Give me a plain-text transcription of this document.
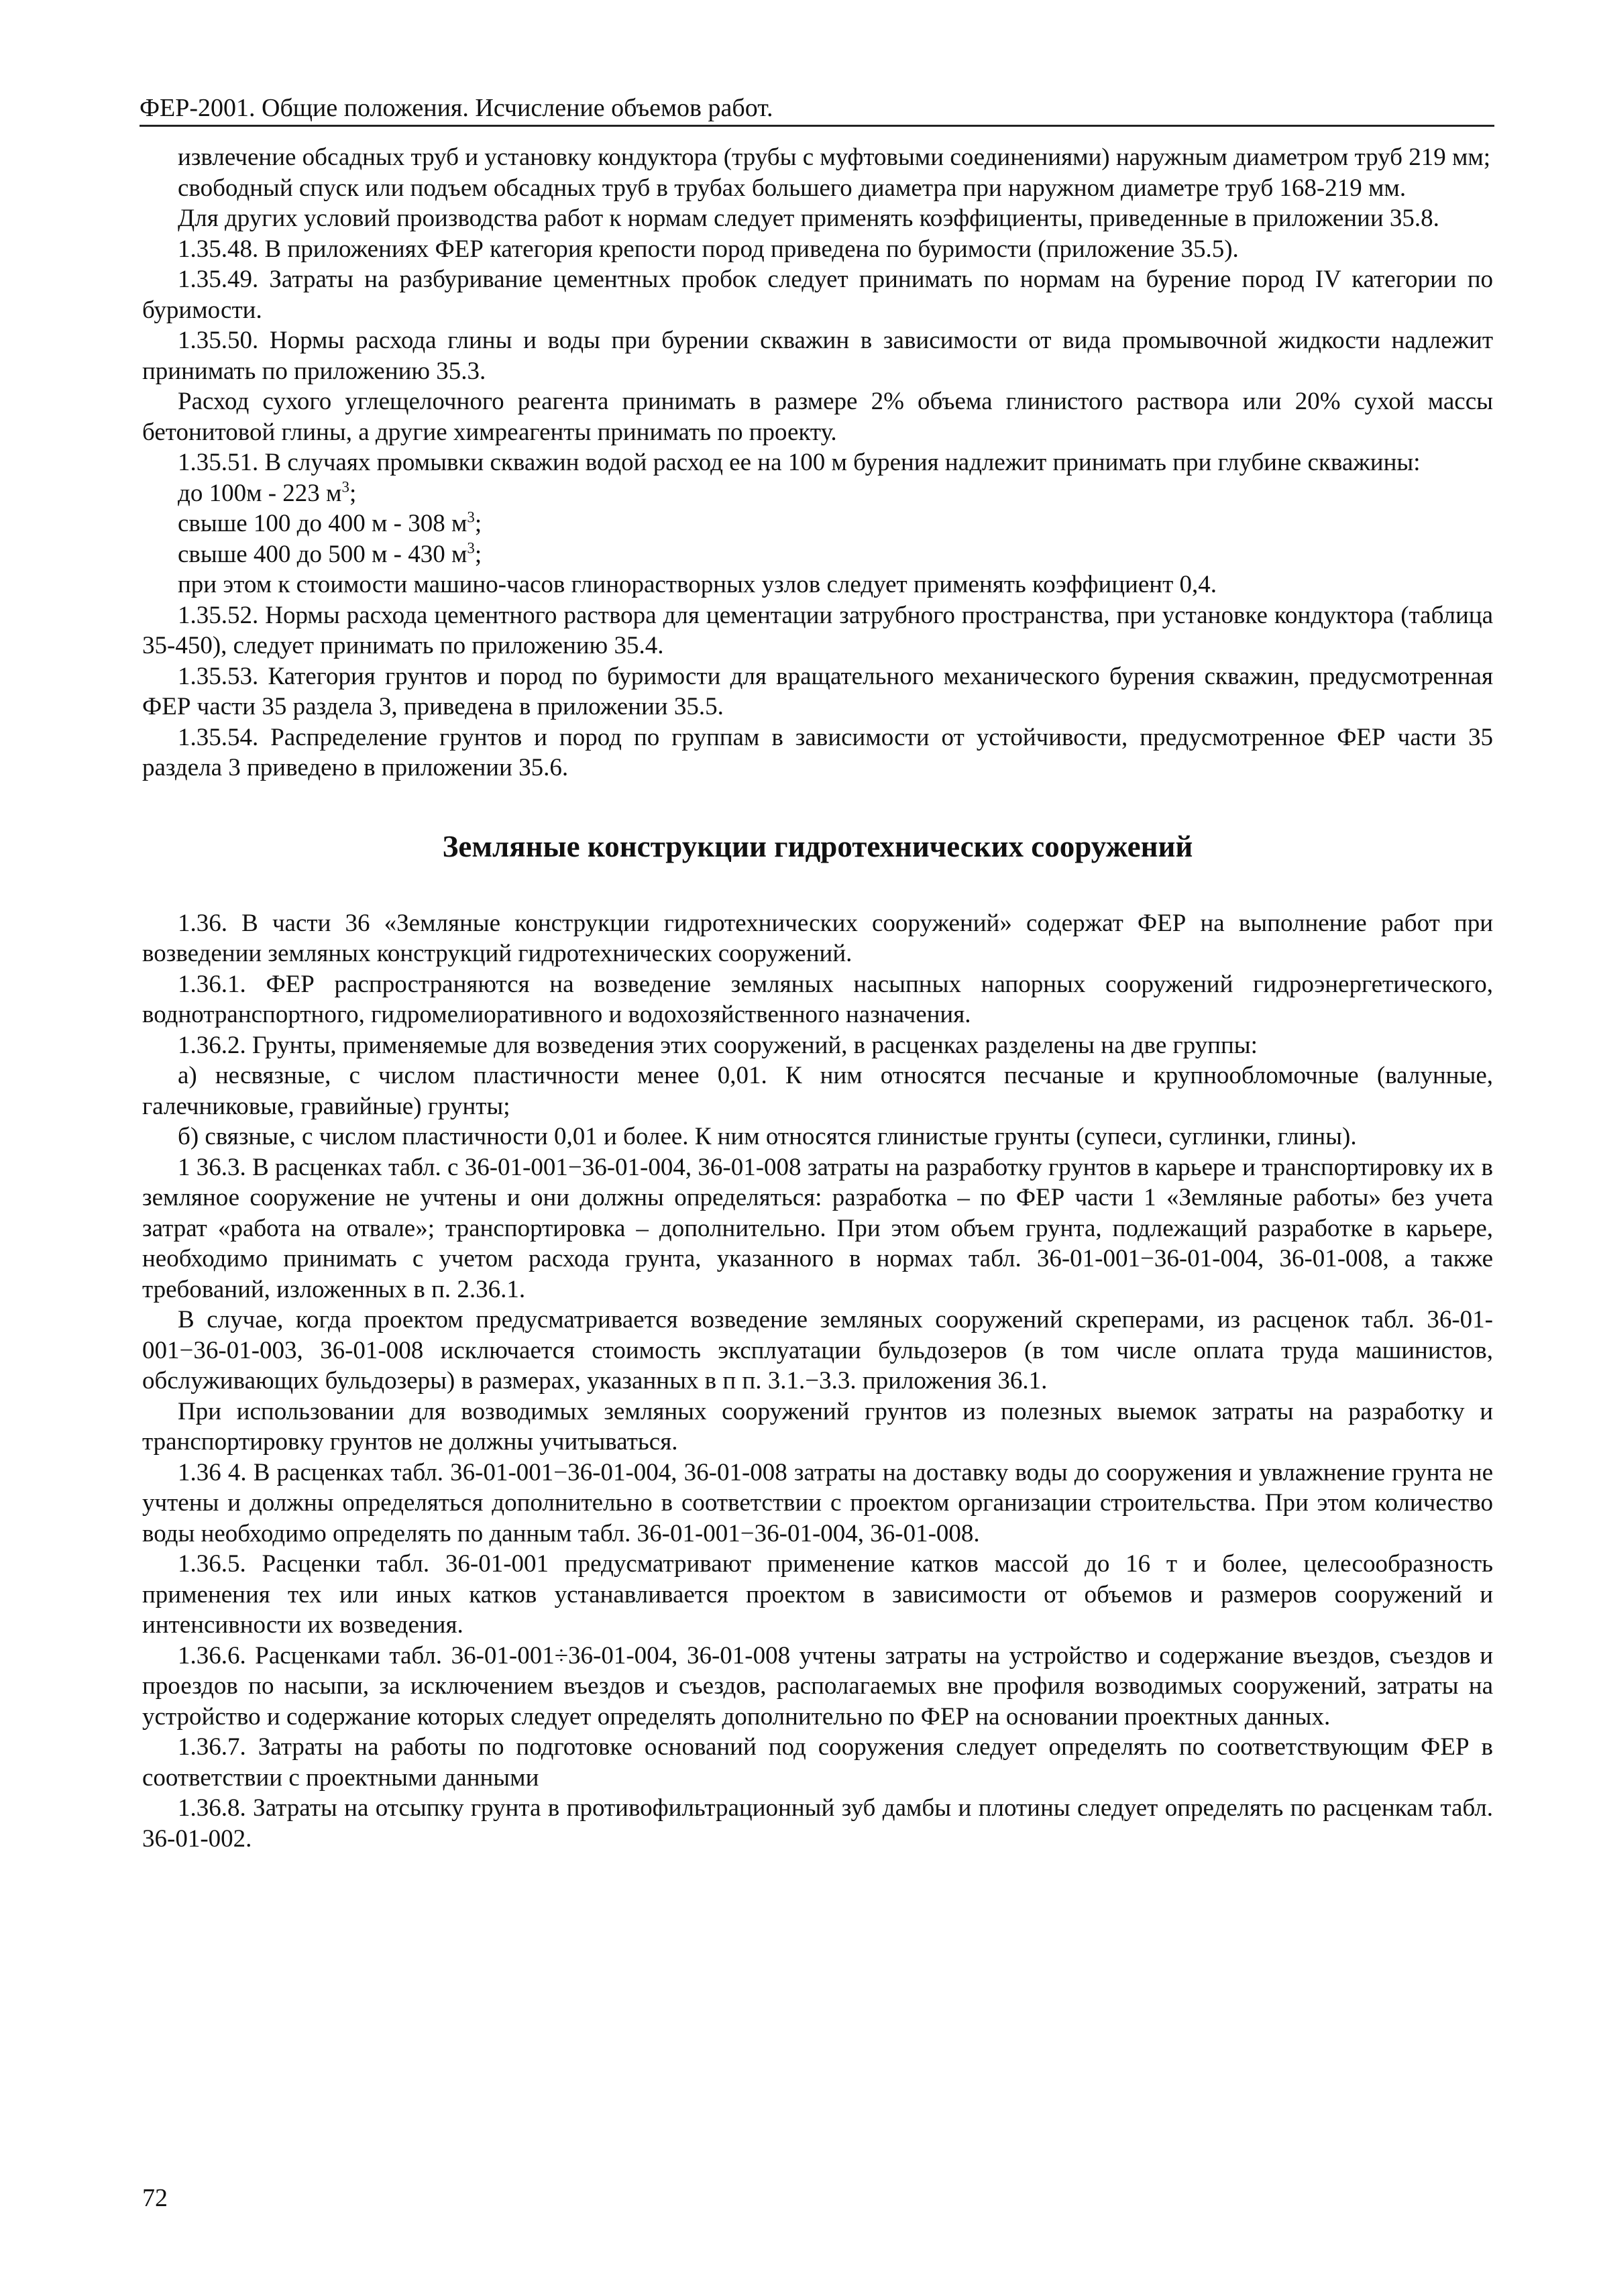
ФЕР-2001. Общие положения. Исчисление объемов работ.

извлечение обсадных труб и установку кондуктора (трубы с муфтовыми соединениями) наружным диаметром труб 219 мм;

свободный спуск или подъем обсадных труб в трубах большего диаметра при наружном диаметре труб 168-219 мм.

Для других условий производства работ к нормам следует применять коэффициенты, приведенные в приложении 35.8.

1.35.48. В приложениях ФЕР категория крепости пород приведена по буримости (приложение 35.5).

1.35.49. Затраты на разбуривание цементных пробок следует принимать по нормам на бурение пород IV категории по буримости.

1.35.50. Нормы расхода глины и воды при бурении скважин в зависимости от вида промывочной жидкости надлежит принимать по приложению 35.3.

Расход сухого углещелочного реагента принимать в размере 2% объема глинистого раствора или 20% сухой массы бетонитовой глины, а другие химреагенты принимать по проекту.

1.35.51. В случаях промывки скважин водой расход ее на 100 м бурения надлежит принимать при глубине скважины:

до 100м - 223 $м^3$;

свыше 100 до 400 м - 308 $м^3$;

свыше 400 до 500 м - 430 $м^3$;

при этом к стоимости машино-часов глинорастворных узлов следует применять коэффициент 0,4.

1.35.52. Нормы расхода цементного раствора для цементации затрубного пространства, при установке кондуктора (таблица 35-450), следует принимать по приложению 35.4.

1.35.53. Категория грунтов и пород по буримости для вращательного механического бурения скважин, предусмотренная ФЕР части 35 раздела 3, приведена в приложении 35.5.

1.35.54. Распределение грунтов и пород по группам в зависимости от устойчивости, предусмотренное ФЕР части 35 раздела 3 приведено в приложении 35.6.

Земляные конструкции гидротехнических сооружений

1.36. В части 36 «Земляные конструкции гидротехнических сооружений» содержат ФЕР на выполнение работ при возведении земляных конструкций гидротехнических сооружений.

1.36.1. ФЕР распространяются на возведение земляных насыпных напорных сооружений гидроэнергетического, воднотранспортного, гидромелиоративного и водохозяйственного назначения.

1.36.2. Грунты, применяемые для возведения этих сооружений, в расценках разделены на две группы:

а) несвязные, с числом пластичности менее 0,01. К ним относятся песчаные и крупнообломочные (валунные, галечниковые, гравийные) грунты;

б) связные, с числом пластичности 0,01 и более. К ним относятся глинистые грунты (супеси, суглинки, глины).

1 36.3. В расценках табл. с 36-01-001−36-01-004, 36-01-008 затраты на разработку грунтов в карьере и транспортировку их в земляное сооружение не учтены и они должны определяться: разработка – по ФЕР части 1 «Земляные работы» без учета затрат «работа на отвале»; транспортировка – дополнительно. При этом объем грунта, подлежащий разработке в карьере, необходимо принимать с учетом расхода грунта, указанного в нормах табл. 36-01-001−36-01-004, 36-01-008, а также требований, изложенных в п. 2.36.1.

В случае, когда проектом предусматривается возведение земляных сооружений скреперами, из расценок табл. 36-01-001−36-01-003, 36-01-008 исключается стоимость эксплуатации бульдозеров (в том числе оплата труда машинистов, обслуживающих бульдозеры) в размерах, указанных в п п. 3.1.−3.3. приложения 36.1.

При использовании для возводимых земляных сооружений грунтов из полезных выемок затраты на разработку и транспортировку грунтов не должны учитываться.

1.36 4. В расценках табл. 36-01-001−36-01-004, 36-01-008 затраты на доставку воды до сооружения и увлажнение грунта не учтены и должны определяться дополнительно в соответствии с проектом организации строительства. При этом количество воды необходимо определять по данным табл. 36-01-001−36-01-004, 36-01-008.

1.36.5. Расценки табл. 36-01-001 предусматривают применение катков массой до 16 т и более, целесообразность применения тех или иных катков устанавливается проектом в зависимости от объемов и размеров сооружений и интенсивности их возведения.

1.36.6. Расценками табл. 36-01-001÷36-01-004, 36-01-008 учтены затраты на устройство и содержание въездов, съездов и проездов по насыпи, за исключением въездов и съездов, располагаемых вне профиля возводимых сооружений, затраты на устройство и содержание которых следует определять дополнительно по ФЕР на основании проектных данных.

1.36.7. Затраты на работы по подготовке оснований под сооружения следует определять по соответствующим ФЕР в соответствии с проектными данными

1.36.8. Затраты на отсыпку грунта в противофильтрационный зуб дамбы и плотины следует определять по расценкам табл. 36-01-002.

72
